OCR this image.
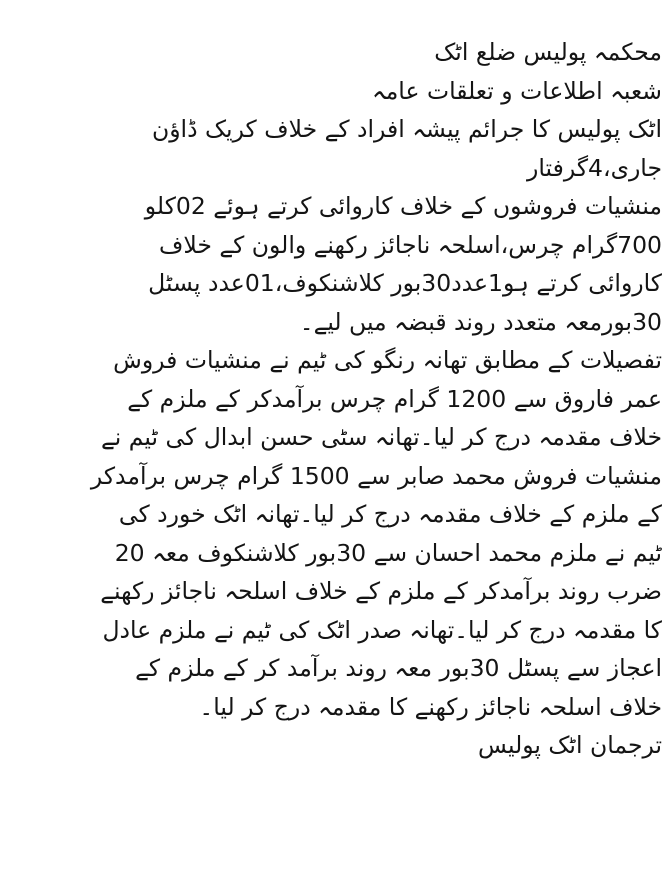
محکمہ پولیس ضلع اٹک
شعبہ اطلاعات و تعلقات عامہ
اٹک پولیس کا جرائم پیشہ افراد کے خلاف کریک ڈاؤن
جاری،4گرفتار
منشیات فروشوں کے خلاف کاروائی کرتے ہوئے 02کلو
700گرام چرس،اسلحہ ناجائز رکھنے والون کے خلاف
کاروائی کرتے ہو1عدد30بور کلاشنکوف،01عدد پسٹل
30بورمعہ متعدد روند قبضہ میں لیے۔
تفصیلات کے مطابق تھانہ رنگو کی ٹیم نے منشیات فروش
عمر فاروق سے 1200 گرام چرس برآمدکر کے ملزم کے
خلاف مقدمہ درج کر لیا۔تھانہ سٹی حسن ابدال کی ٹیم نے
منشیات فروش محمد صابر سے 1500 گرام چرس برآمدکر
کے ملزم کے خلاف مقدمہ درج کر لیا۔تھانہ اٹک خورد کی
ٹیم نے ملزم محمد احسان سے 30بور کلاشنکوف معہ 20
ضرب روند برآمدکر کے ملزم کے خلاف اسلحہ ناجائز رکھنے
کا مقدمہ درج کر لیا۔تھانہ صدر اٹک کی ٹیم نے ملزم عادل
اعجاز سے پسٹل 30بور معہ روند برآمد کر کے ملزم کے
خلاف اسلحہ ناجائز رکھنے کا مقدمہ درج کر لیا۔
ترجمان اٹک پولیس
